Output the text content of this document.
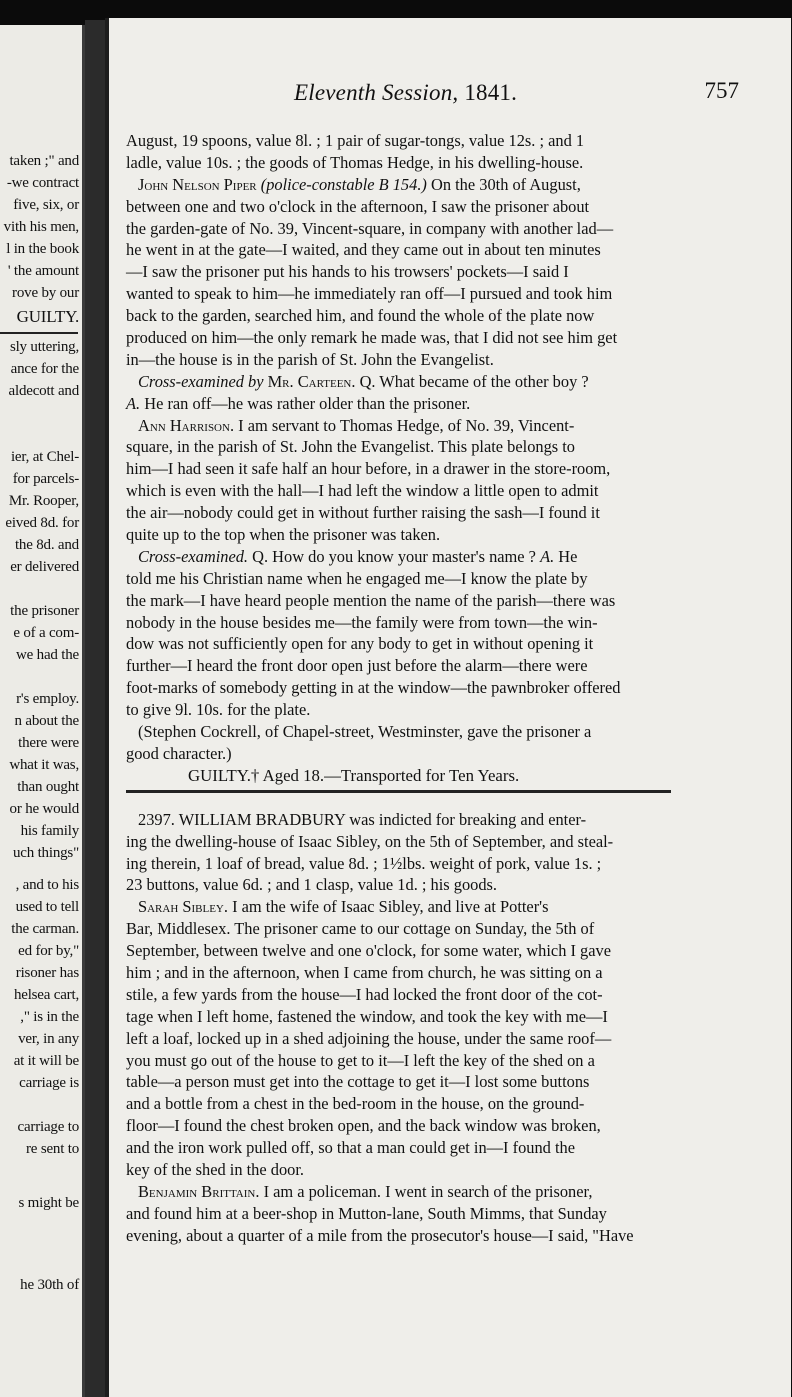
taken ;" and
-we contract
five, six, or
vith his men,
l in the book
' the amount
rove by our
GUILTY.
sly uttering,
ance for the
aldecott and
ier, at Chel-
for parcels-
Mr. Rooper,
eived 8d. for
the 8d. and
er delivered
the prisoner
e of a com-
we had the
r's employ.
n about the
there were
what it was,
than ought
or he would
his family
uch things"
, and to his
used to tell
the carman.
ed for by,"
risoner has
helsea cart,
," is in the
ver, in any
at it will be
carriage is
carriage to
re sent to
s might be
he 30th of
Eleventh Session, 1841.	757
August, 19 spoons, value 8l. ; 1 pair of sugar-tongs, value 12s. ; and 1
ladle, value 10s. ; the goods of Thomas Hedge, in his dwelling-house.
John Nelson Piper (police-constable B 154.) On the 30th of August,
between one and two o'clock in the afternoon, I saw the prisoner about
the garden-gate of No. 39, Vincent-square, in company with another lad—
he went in at the gate—I waited, and they came out in about ten minutes
—I saw the prisoner put his hands to his trowsers' pockets—I said I
wanted to speak to him—he immediately ran off—I pursued and took him
back to the garden, searched him, and found the whole of the plate now
produced on him—the only remark he made was, that I did not see him get
in—the house is in the parish of St. John the Evangelist.
Cross-examined by Mr. Carteen. Q. What became of the other boy ?
A. He ran off—he was rather older than the prisoner.
Ann Harrison. I am servant to Thomas Hedge, of No. 39, Vincent-
square, in the parish of St. John the Evangelist. This plate belongs to
him—I had seen it safe half an hour before, in a drawer in the store-room,
which is even with the hall—I had left the window a little open to admit
the air—nobody could get in without further raising the sash—I found it
quite up to the top when the prisoner was taken.
Cross-examined. Q. How do you know your master's name ? A. He
told me his Christian name when he engaged me—I know the plate by
the mark—I have heard people mention the name of the parish—there was
nobody in the house besides me—the family were from town—the win-
dow was not sufficiently open for any body to get in without opening it
further—I heard the front door open just before the alarm—there were
foot-marks of somebody getting in at the window—the pawnbroker offered
to give 9l. 10s. for the plate.
(Stephen Cockrell, of Chapel-street, Westminster, gave the prisoner a
good character.)
GUILTY.† Aged 18.—Transported for Ten Years.
2397. WILLIAM BRADBURY was indicted for breaking and enter-
ing the dwelling-house of Isaac Sibley, on the 5th of September, and steal-
ing therein, 1 loaf of bread, value 8d. ; 1½lbs. weight of pork, value 1s. ;
23 buttons, value 6d. ; and 1 clasp, value 1d. ; his goods.
Sarah Sibley. I am the wife of Isaac Sibley, and live at Potter's
Bar, Middlesex. The prisoner came to our cottage on Sunday, the 5th of
September, between twelve and one o'clock, for some water, which I gave
him ; and in the afternoon, when I came from church, he was sitting on a
stile, a few yards from the house—I had locked the front door of the cot-
tage when I left home, fastened the window, and took the key with me—I
left a loaf, locked up in a shed adjoining the house, under the same roof—
you must go out of the house to get to it—I left the key of the shed on a
table—a person must get into the cottage to get it—I lost some buttons
and a bottle from a chest in the bed-room in the house, on the ground-
floor—I found the chest broken open, and the back window was broken,
and the iron work pulled off, so that a man could get in—I found the
key of the shed in the door.
Benjamin Brittain. I am a policeman. I went in search of the prisoner,
and found him at a beer-shop in Mutton-lane, South Mimms, that Sunday
evening, about a quarter of a mile from the prosecutor's house—I said, "Have
